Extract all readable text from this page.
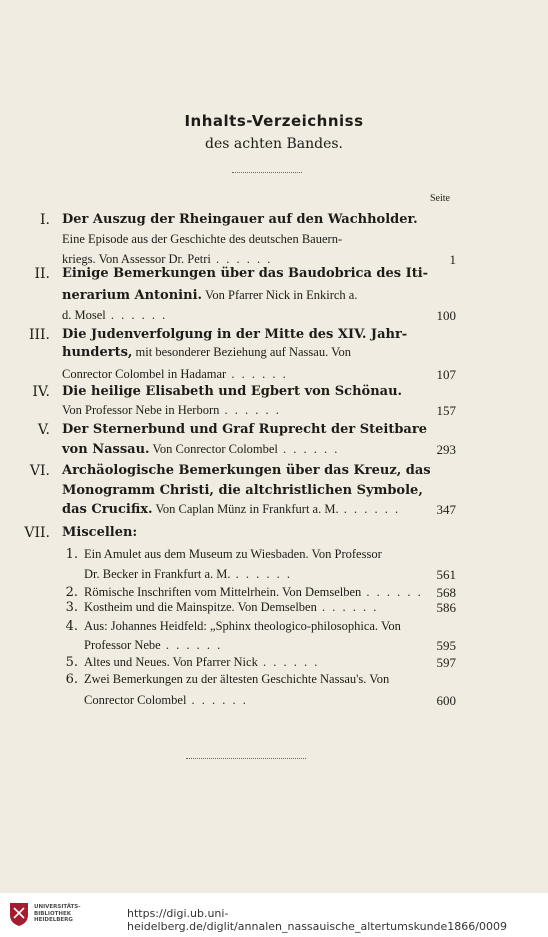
Inhalts-Verzeichniss
des achten Bandes.
Seite
I. Der Auszug der Rheingauer auf den Wachholder.
Eine Episode aus der Geschichte des deutschen Bauern-
kriegs. Von Assessor Dr. Petri . . . . . .	1
II. Einige Bemerkungen über das Baudobrica des Iti-
nerarium Antonini. Von Pfarrer Nick in Enkirch a.
d. Mosel . . . . . .	100
III. Die Judenverfolgung in der Mitte des XIV. Jahr-
hunderts, mit besonderer Beziehung auf Nassau. Von
Conrector Colombel in Hadamar . . . . . .	107
IV. Die heilige Elisabeth und Egbert von Schönau.
Von Professor Nebe in Herborn . . . . . .	157
V. Der Sternerbund und Graf Ruprecht der Steitbare
von Nassau. Von Conrector Colombel . . . . . .	293
VI. Archäologische Bemerkungen über das Kreuz, das
Monogramm Christi, die altchristlichen Symbole,
das Crucifix. Von Caplan Münz in Frankfurt a. M. . . . . . .	347
VII. Miscellen:
1. Ein Amulet aus dem Museum zu Wiesbaden. Von Professor
Dr. Becker in Frankfurt a. M. . . . . . .	561
2. Römische Inschriften vom Mittelrhein. Von Demselben . . . . . .	568
3. Kostheim und die Mainspitze. Von Demselben . . . . . .	586
4. Aus: Johannes Heidfeld: „Sphinx theologico-philosophica. Von
Professor Nebe . . . . . .	595
5. Altes und Neues. Von Pfarrer Nick . . . . . .	597
6. Zwei Bemerkungen zu der ältesten Geschichte Nassau's. Von
Conrector Colombel . . . . . .	600
UNIVERSITÄTS-
BIBLIOTHEK
HEIDELBERG	https://digi.ub.uni-heidelberg.de/diglit/annalen_nassauische_altertumskunde1866/0009
